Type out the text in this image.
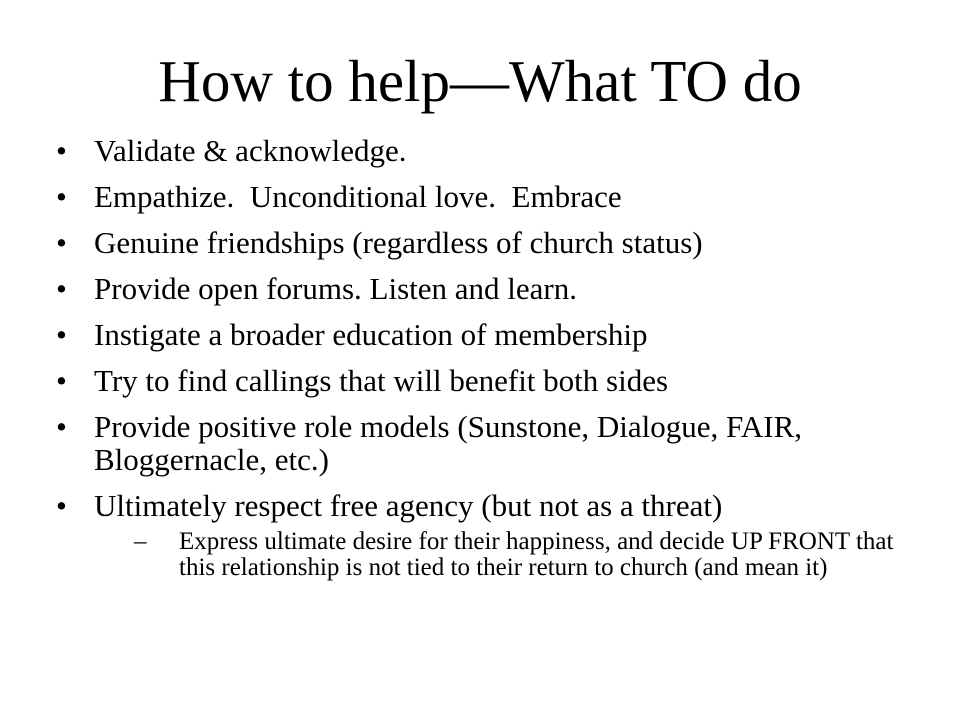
How to help—What TO do
• Validate & acknowledge.
• Empathize.  Unconditional love.  Embrace
• Genuine friendships (regardless of church status)
• Provide open forums. Listen and learn.
• Instigate a broader education of membership
• Try to find callings that will benefit both sides
• Provide positive role models (Sunstone, Dialogue, FAIR, Bloggernacle, etc.)
• Ultimately respect free agency (but not as a threat)
– Express ultimate desire for their happiness, and decide UP FRONT that this relationship is not tied to their return to church (and mean it)
